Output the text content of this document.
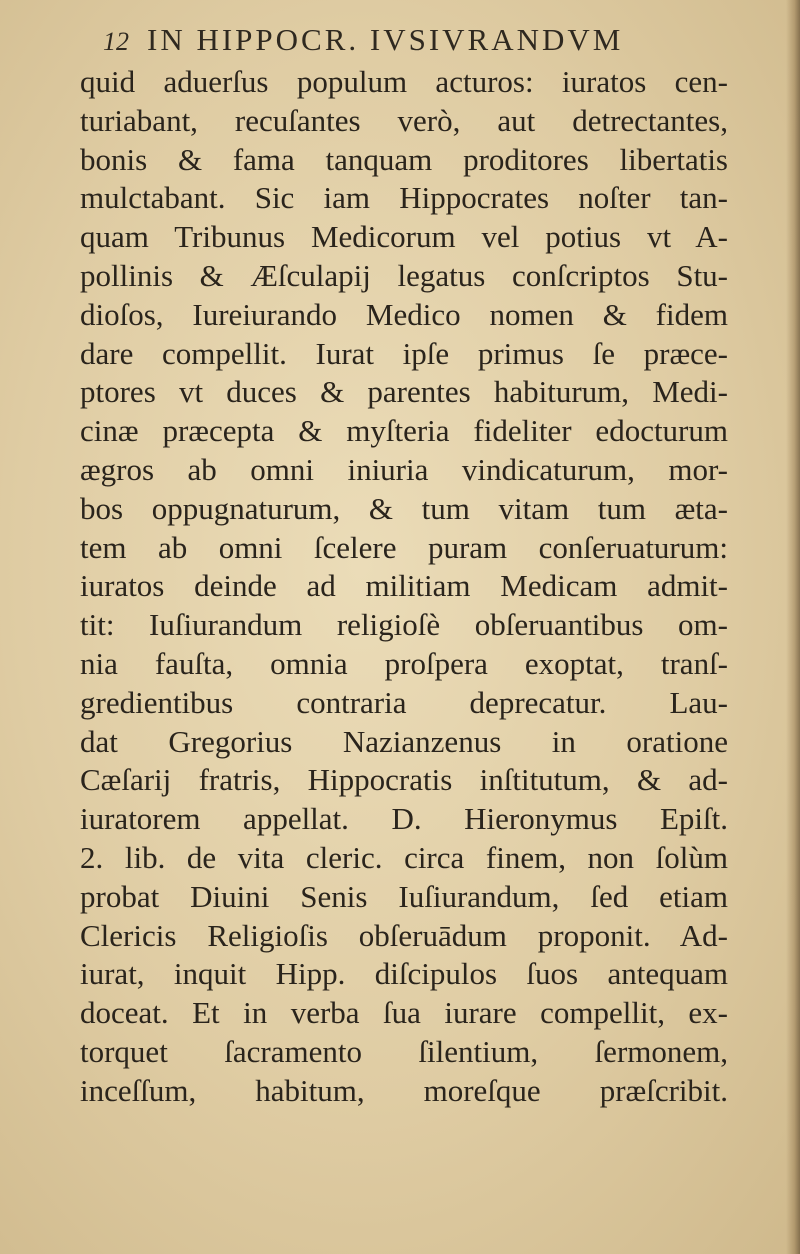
12 IN HIPPOCR. IVSIVRANDVM
quid aduerſus populum acturos: iuratos cen-
turiabant, recuſantes verò, aut detrectantes,
bonis & fama tanquam proditores libertatis
mulctabant. Sic iam Hippocrates noſter tan-
quam Tribunus Medicorum vel potius vt A-
pollinis & Æſculapij legatus conſcriptos Stu-
dioſos, Iureiurando Medico nomen & fidem
dare compellit. Iurat ipſe primus ſe præce-
ptores vt duces & parentes habiturum, Medi-
cinæ præcepta & myſteria fideliter edocturum
ægros ab omni iniuria vindicaturum, mor-
bos oppugnaturum, & tum vitam tum æta-
tem ab omni ſcelere puram conſeruaturum:
iuratos deinde ad militiam Medicam admit-
tit: Iuſiurandum religioſè obſeruantibus om-
nia fauſta, omnia proſpera exoptat, tranſ-
gredientibus contraria deprecatur. Lau-
dat Gregorius Nazianzenus in oratione
Cæſarij fratris, Hippocratis inſtitutum, & ad-
iuratorem appellat. D. Hieronymus Epiſt.
2. lib. de vita cleric. circa finem, non ſolùm
probat Diuini Senis Iuſiurandum, ſed etiam
Clericis Religioſis obſeruādum proponit. Ad-
iurat, inquit Hipp. diſcipulos ſuos antequam
doceat. Et in verba ſua iurare compellit, ex-
torquet ſacramento ſilentium, ſermonem,
inceſſum, habitum, moreſque præſcribit.
